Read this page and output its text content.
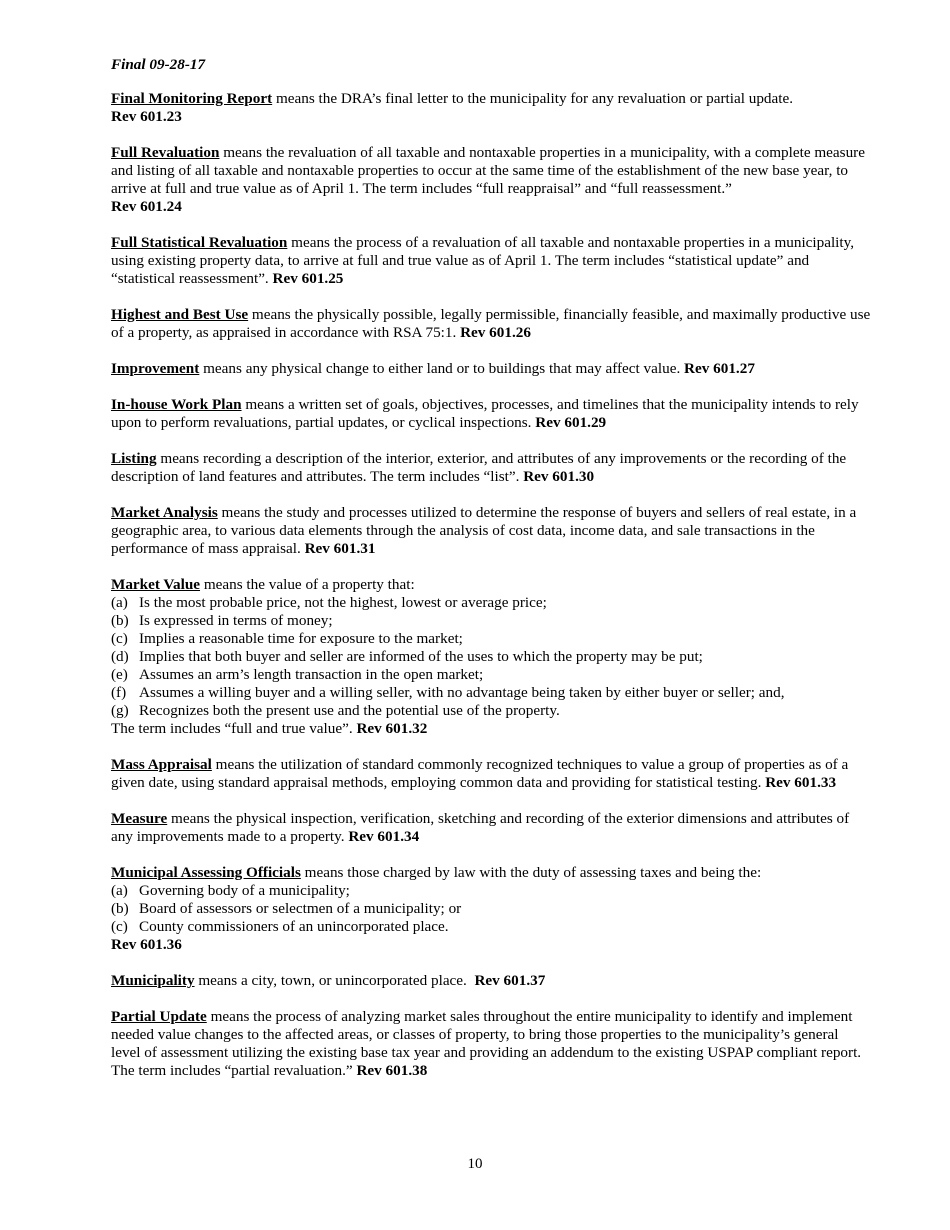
Final 09-28-17
Final Monitoring Report means the DRA’s final letter to the municipality for any revaluation or partial update.
Rev 601.23
Full Revaluation means the revaluation of all taxable and nontaxable properties in a municipality, with a complete measure and listing of all taxable and nontaxable properties to occur at the same time of the establishment of the new base year, to arrive at full and true value as of April 1. The term includes “full reappraisal” and “full reassessment.”
Rev 601.24
Full Statistical Revaluation means the process of a revaluation of all taxable and nontaxable properties in a municipality, using existing property data, to arrive at full and true value as of April 1. The term includes “statistical update” and “statistical reassessment”. Rev 601.25
Highest and Best Use means the physically possible, legally permissible, financially feasible, and maximally productive use of a property, as appraised in accordance with RSA 75:1. Rev 601.26
Improvement means any physical change to either land or to buildings that may affect value. Rev 601.27
In-house Work Plan means a written set of goals, objectives, processes, and timelines that the municipality intends to rely upon to perform revaluations, partial updates, or cyclical inspections. Rev 601.29
Listing means recording a description of the interior, exterior, and attributes of any improvements or the recording of the description of land features and attributes. The term includes “list”. Rev 601.30
Market Analysis means the study and processes utilized to determine the response of buyers and sellers of real estate, in a geographic area, to various data elements through the analysis of cost data, income data, and sale transactions in the performance of mass appraisal. Rev 601.31
Market Value means the value of a property that:
(a) Is the most probable price, not the highest, lowest or average price;
(b) Is expressed in terms of money;
(c) Implies a reasonable time for exposure to the market;
(d) Implies that both buyer and seller are informed of the uses to which the property may be put;
(e) Assumes an arm’s length transaction in the open market;
(f) Assumes a willing buyer and a willing seller, with no advantage being taken by either buyer or seller; and,
(g) Recognizes both the present use and the potential use of the property.
The term includes “full and true value”. Rev 601.32
Mass Appraisal means the utilization of standard commonly recognized techniques to value a group of properties as of a given date, using standard appraisal methods, employing common data and providing for statistical testing. Rev 601.33
Measure means the physical inspection, verification, sketching and recording of the exterior dimensions and attributes of any improvements made to a property. Rev 601.34
Municipal Assessing Officials means those charged by law with the duty of assessing taxes and being the:
(a) Governing body of a municipality;
(b) Board of assessors or selectmen of a municipality; or
(c) County commissioners of an unincorporated place.
Rev 601.36
Municipality means a city, town, or unincorporated place.  Rev 601.37
Partial Update means the process of analyzing market sales throughout the entire municipality to identify and implement needed value changes to the affected areas, or classes of property, to bring those properties to the municipality’s general level of assessment utilizing the existing base tax year and providing an addendum to the existing USPAP compliant report. The term includes “partial revaluation.” Rev 601.38
10
